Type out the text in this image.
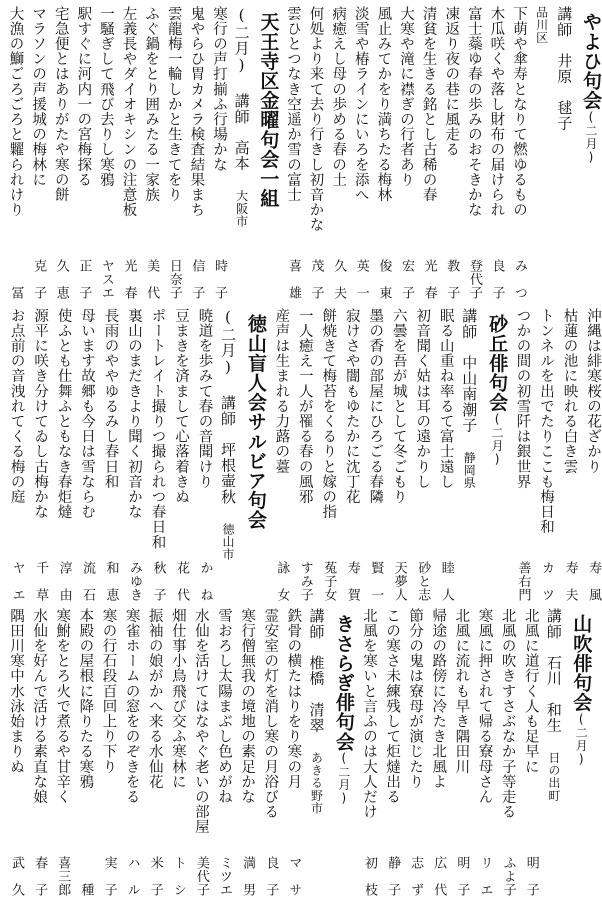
やよひ句会(二月)
講師　井原　毬子
品川区
下萌や傘寿となりて燃ゆるもの
み　つ
木瓜咲くや落し財布の届けられ
良　子
富士蘂ゆ春の歩みのおそきかな
登代子
凍返り夜の巷に風走る
教　子
清貧を生きる銘とし古稀の春
光　春
大寒や滝に襟ぎの行者あり
宏　子
風止みてかをり満ちたる梅林
俊　東
淡雪や椿ラインにいろを添へ
英　一
病癒えし母の歩める春の土
久　夫
何処より来て去り行きし初音かな
茂　子
雲ひとつなき空遥か雪の富士
喜　雄
天王寺区金曜句会一組
(二月) 講師　高本 大阪市
寒行の声打揃ふ行場かな
時　子
鬼やらひ胃カメラ検査結果まち
信　子
雲龍梅一輪しかと生きてをり
日奈子
ふぐ鍋をとり囲みたる一家族
美　代
左義長やダイオキシンの注意板
光　春
一騒ぎして飛び去りし寒鴉
ヤスエ
駅すぐに河内一の宮梅探る
正　子
宅急便とはありがたや寒の餅
久　恵
マラソンの声援城の梅林に
克　子
大漁の鰤ごろごろと糶られけり
冨
沖縄は緋寒桜の花ざかり
寿　風
枯蓮の池に映れる白き雲
寿　夫
トンネルを出でたりここも梅日和
カ　ツ
つかの間の初雪阡は銀世界
善右門
砂丘俳句会(二月)
講師　中山南潮子 静岡県
眠る山重ね率るて富士遠し
睦　人
初音聞く姑は耳の遠かりし
砂と志
六曇を吾が城として冬ごもり
天夢人
墨の香の部屋にひろごる春隣
賢　一
寂けさや闇もゆたかに沈丁花
寿　賀
餅焼きて梅苔をくるりと嫁の指
菟子女
一人癒え一人が罹る春の風邪
すみ子
産声は生まれる力蕗の薹
詠　女
徳山盲人会サルビア句会
(二月) 講師　坪根壷秋 徳山市
暁道を歩みて春の音聞けり
か　ね
豆まきを済まして心落着きぬ
花　代
ポートレイト撮りつ撮られつ春日和
秋　子
裏山のまだきより聞く初音かな
みゆき
長雨のややゆるみし春日和
和　恵
母います故郷も今日は雪ならむ
流　石
使ふとも仕舞ふともなき春炬燵
淳　由
源平に咲き分けてゐし古梅かな
千　草
お点前の音洩れてくる梅の庭
ヤ　エ
山吹俳句会(二月)
講師　石川　和生 日の出町
北風に道行く人も足早に
明　子
北風の吹きすさぶなか子等走る
ふよ子
寒風に押されて帰る寮母さん
リ　エ
北風に流れも早き隅田川
明　子
帰途の路傍に冷たき北風よ
広　代
節分の鬼は寮母が演じたり
志　ず
この寒さ未練残して炬燵出る
静　子
北風を寒いと言ふのは大人だけ
初　枝
きさらぎ俳句会(二月)
講師　椎橋　清翠 あきる野市
鉄骨の横たはりをり寒の月
マ　サ
霊安室の灯を消し寒の月浴びる
良　子
寒行僧無我の境地の素足かな
満　男
雪おろし太陽まぶし色めがね
ミツエ
水仙を活けてはなやぐ老いの部屋
美代子
畑仕事小鳥飛び交ふ寒林に
ト　シ
振袖の娘がかへ来る水仙花
米　子
寒雀ホームの窓をのぞきをる
ハ　ル
寒の行石段百回上り下り
実　子
本殿の屋根に降りたる寒鴉
種
寒鮒をとろ火で煮るや甘辛く
喜三郎
水仙を好んで活ける素直な娘
春　子
隅田川寒中水泳始まりぬ
武　久
